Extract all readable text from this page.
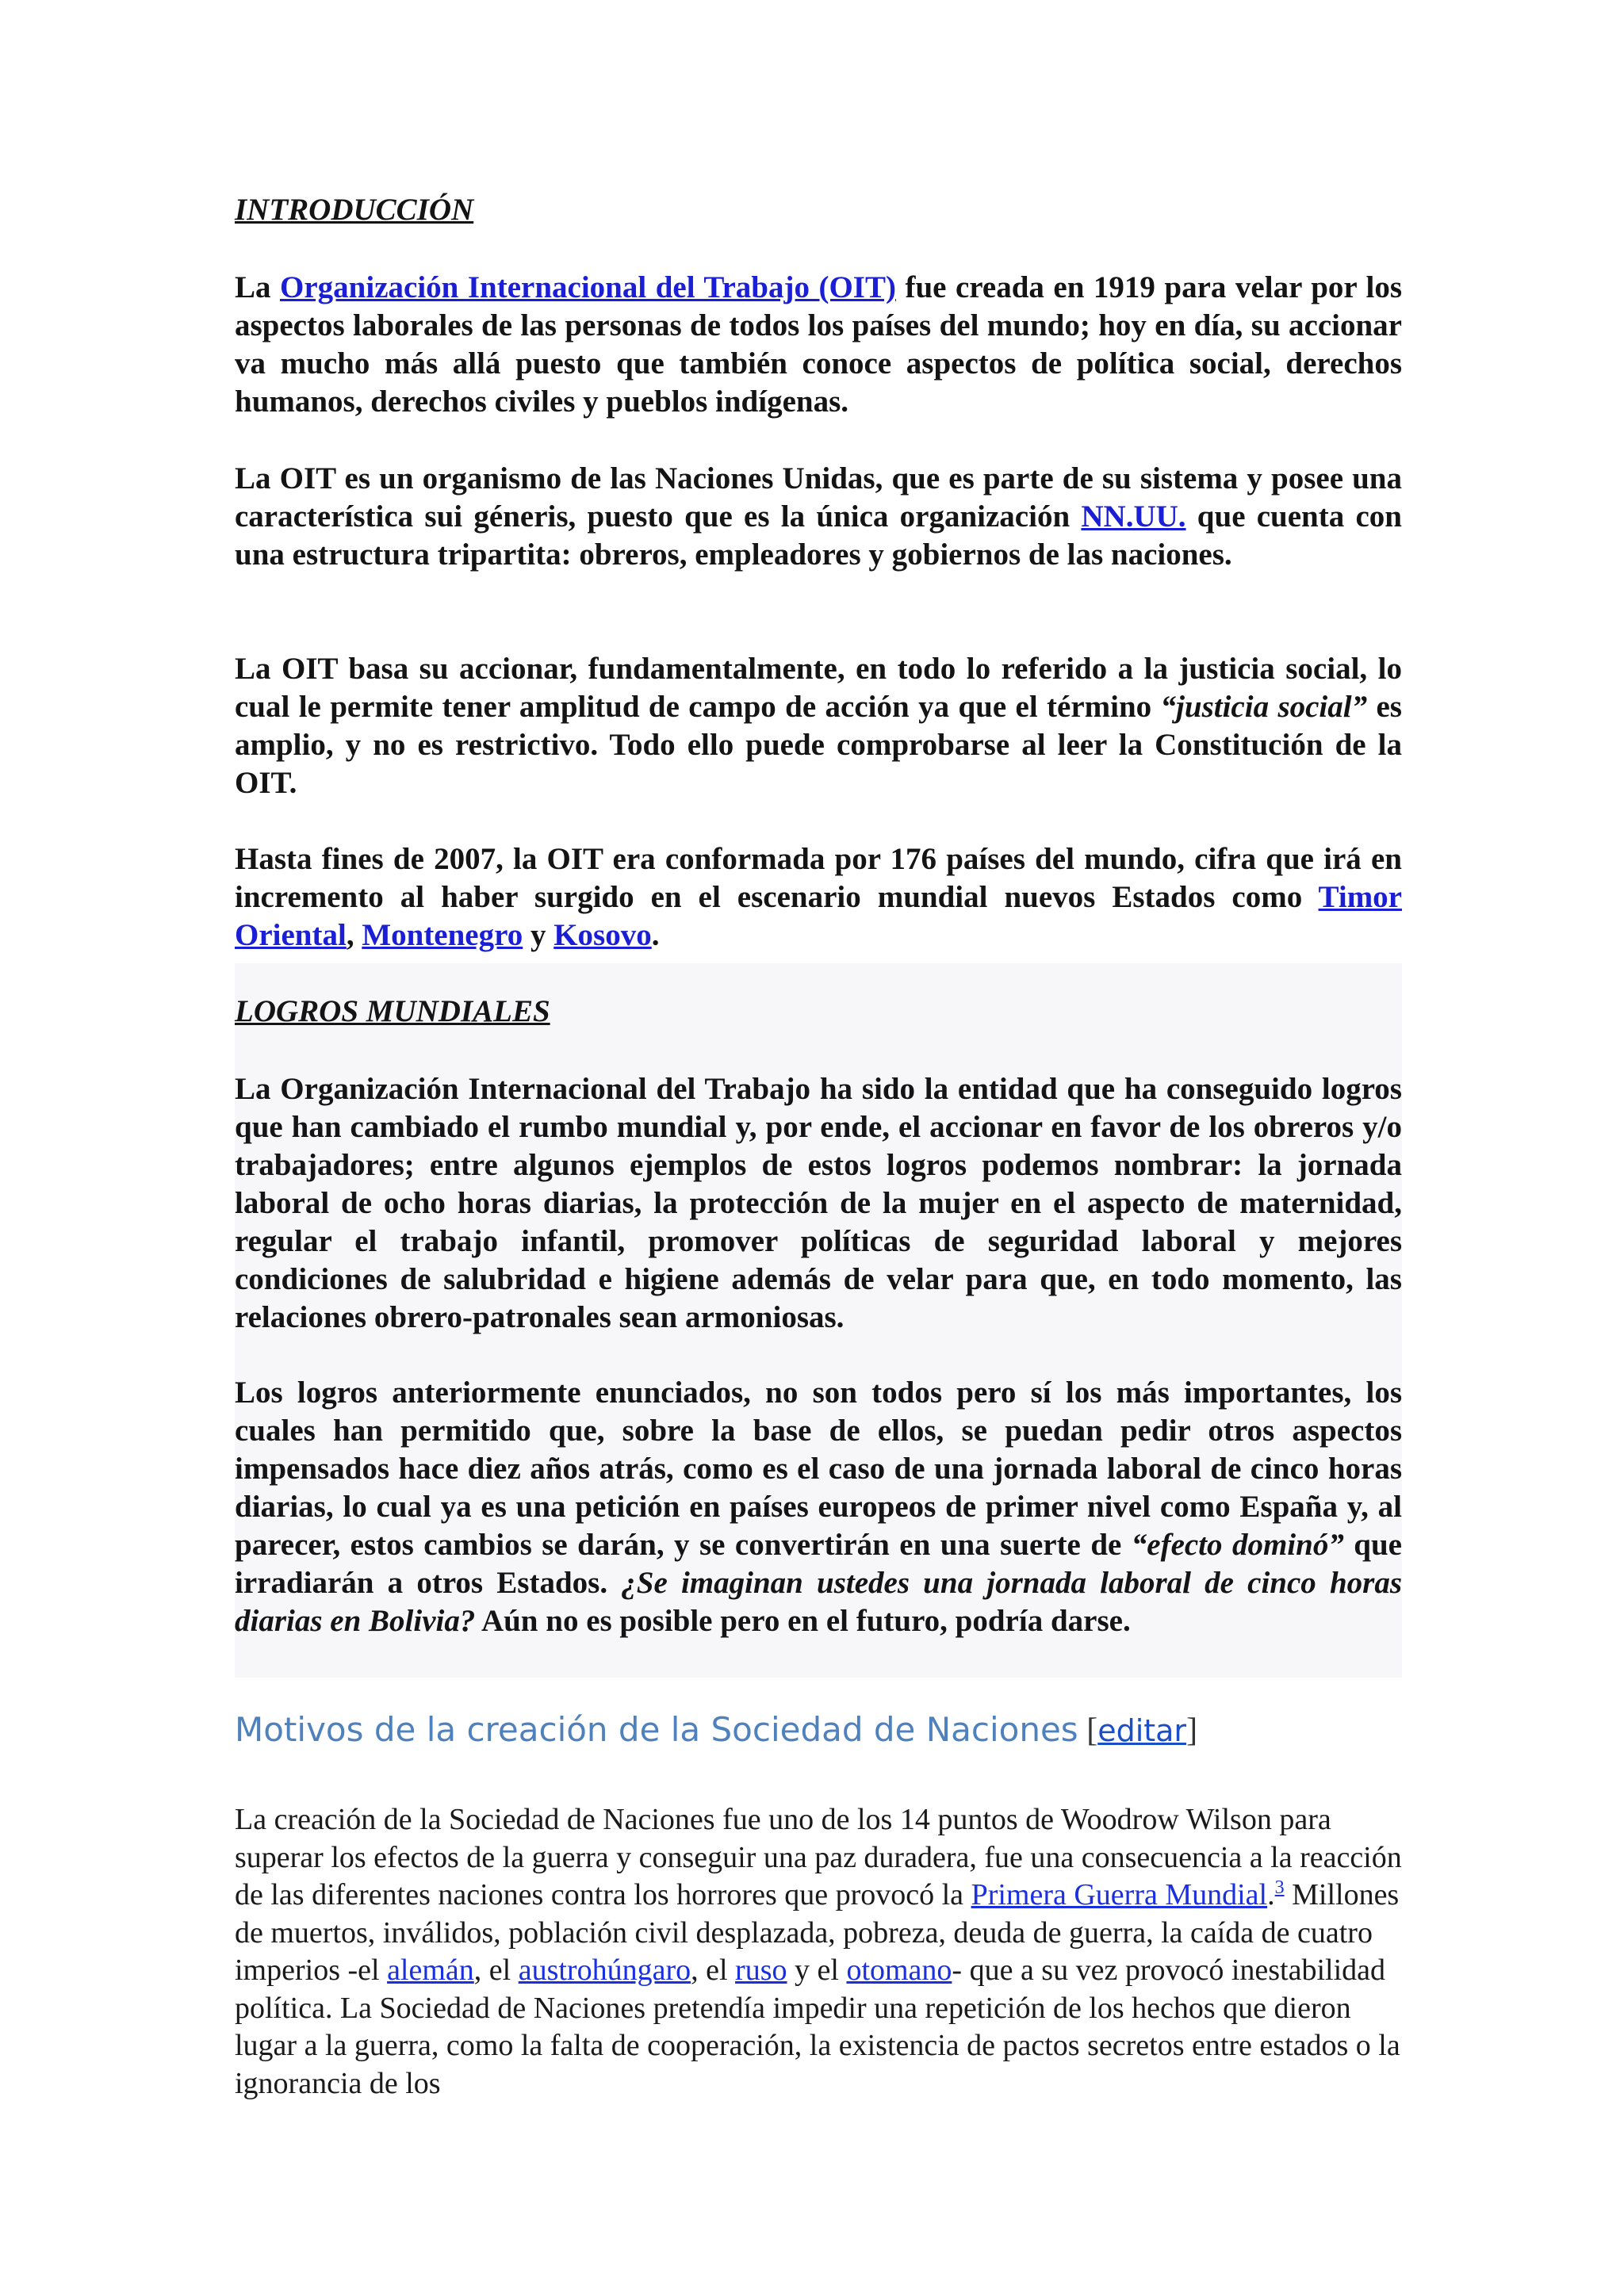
INTRODUCCIÓN

La Organización Internacional del Trabajo (OIT) fue creada en 1919 para velar por los aspectos laborales de las personas de todos los países del mundo; hoy en día, su accionar va mucho más allá puesto que también conoce aspectos de política social, derechos humanos, derechos civiles y pueblos indígenas.

La OIT es un organismo de las Naciones Unidas, que es parte de su sistema y posee una característica sui géneris, puesto que es la única organización NN.UU. que cuenta con una estructura tripartita: obreros, empleadores y gobiernos de las naciones.

La OIT basa su accionar, fundamentalmente, en todo lo referido a la justicia social, lo cual le permite tener amplitud de campo de acción ya que el término “justicia social” es amplio, y no es restrictivo. Todo ello puede comprobarse al leer la Constitución de la OIT.

Hasta fines de 2007, la OIT era conformada por 176 países del mundo, cifra que irá en incremento al haber surgido en el escenario mundial nuevos Estados como Timor Oriental, Montenegro y Kosovo.

LOGROS MUNDIALES

La Organización Internacional del Trabajo ha sido la entidad que ha conseguido logros que han cambiado el rumbo mundial y, por ende, el accionar en favor de los obreros y/o trabajadores; entre algunos ejemplos de estos logros podemos nombrar: la jornada laboral de ocho horas diarias, la protección de la mujer en el aspecto de maternidad, regular el trabajo infantil, promover políticas de seguridad laboral y mejores condiciones de salubridad e higiene además de velar para que, en todo momento, las relaciones obrero-patronales sean armoniosas.

Los logros anteriormente enunciados, no son todos pero sí los más importantes, los cuales han permitido que, sobre la base de ellos, se puedan pedir otros aspectos impensados hace diez años atrás, como es el caso de una jornada laboral de cinco horas diarias, lo cual ya es una petición en países europeos de primer nivel como España y, al parecer, estos cambios se darán, y se convertirán en una suerte de “efecto dominó” que irradiarán a otros Estados. ¿Se imaginan ustedes una jornada laboral de cinco horas diarias en Bolivia? Aún no es posible pero en el futuro, podría darse.

Motivos de la creación de la Sociedad de Naciones [editar]

La creación de la Sociedad de Naciones fue uno de los 14 puntos de Woodrow Wilson para superar los efectos de la guerra y conseguir una paz duradera, fue una consecuencia a la reacción de las diferentes naciones contra los horrores que provocó la Primera Guerra Mundial.$^3$ Millones de muertos, inválidos, población civil desplazada, pobreza, deuda de guerra, la caída de cuatro imperios -el alemán, el austrohúngaro, el ruso y el otomano- que a su vez provocó inestabilidad política. La Sociedad de Naciones pretendía impedir una repetición de los hechos que dieron lugar a la guerra, como la falta de cooperación, la existencia de pactos secretos entre estados o la ignorancia de los
